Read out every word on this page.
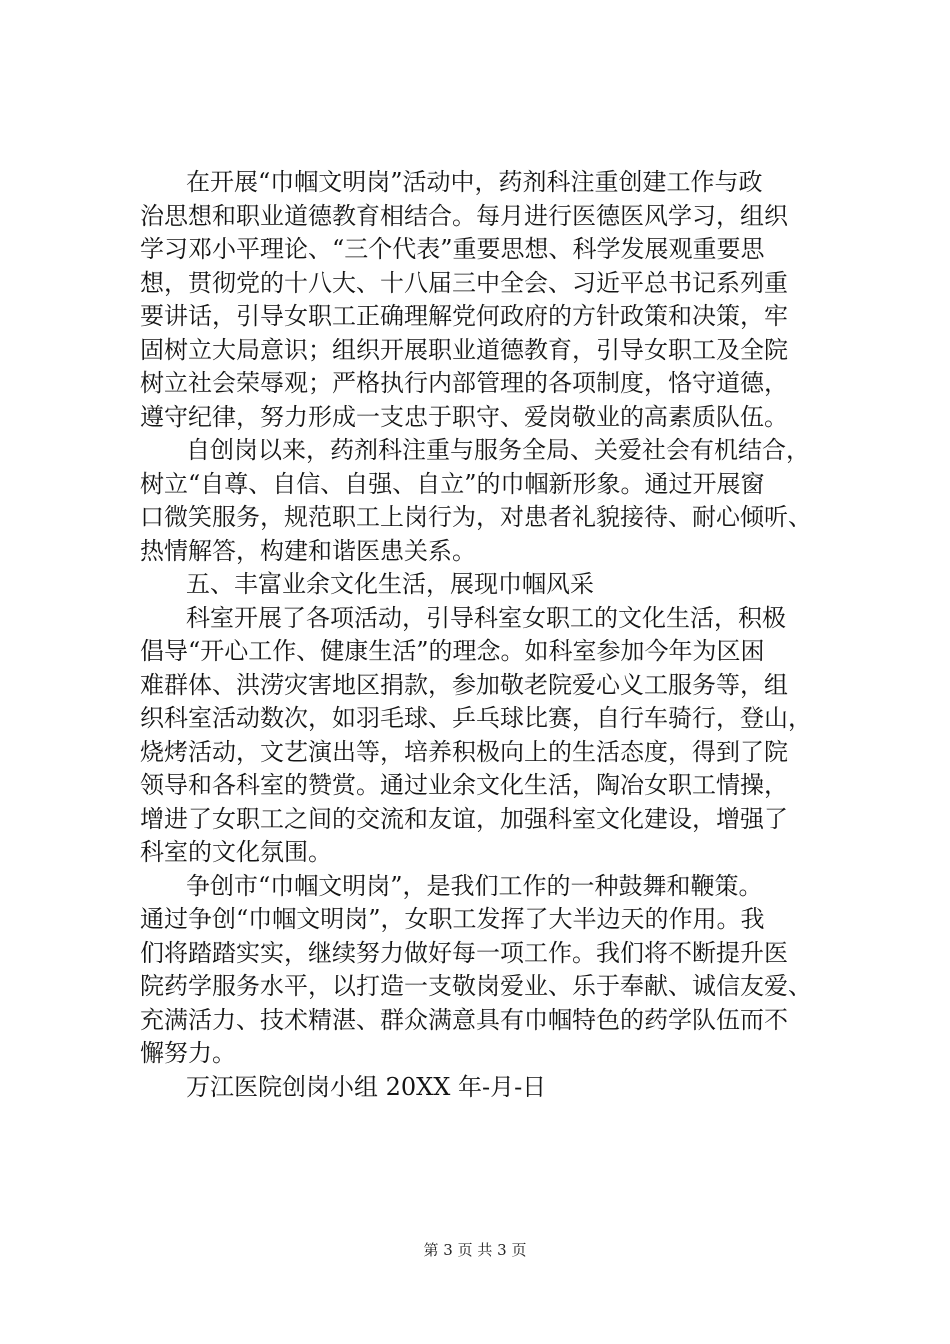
在开展“巾帼文明岗”活动中，药剂科注重创建工作与政
治思想和职业道德教育相结合。每月进行医德医风学习，组织
学习邓小平理论、“三个代表”重要思想、科学发展观重要思
想，贯彻党的十八大、十八届三中全会、习近平总书记系列重
要讲话，引导女职工正确理解党何政府的方针政策和决策，牢
固树立大局意识；组织开展职业道德教育，引导女职工及全院
树立社会荣辱观；严格执行内部管理的各项制度，恪守道德，
遵守纪律，努力形成一支忠于职守、爱岗敬业的高素质队伍。
自创岗以来，药剂科注重与服务全局、关爱社会有机结合，
树立“自尊、自信、自强、自立”的巾帼新形象。通过开展窗
口微笑服务，规范职工上岗行为，对患者礼貌接待、耐心倾听、
热情解答，构建和谐医患关系。
五、丰富业余文化生活，展现巾帼风采
科室开展了各项活动，引导科室女职工的文化生活，积极
倡导“开心工作、健康生活”的理念。如科室参加今年为区困
难群体、洪涝灾害地区捐款，参加敬老院爱心义工服务等，组
织科室活动数次，如羽毛球、乒乓球比赛，自行车骑行，登山，
烧烤活动，文艺演出等，培养积极向上的生活态度，得到了院
领导和各科室的赞赏。通过业余文化生活，陶冶女职工情操，
增进了女职工之间的交流和友谊，加强科室文化建设，增强了
科室的文化氛围。
争创市“巾帼文明岗”，是我们工作的一种鼓舞和鞭策。
通过争创“巾帼文明岗”，女职工发挥了大半边天的作用。我
们将踏踏实实，继续努力做好每一项工作。我们将不断提升医
院药学服务水平，以打造一支敬岗爱业、乐于奉献、诚信友爱、
充满活力、技术精湛、群众满意具有巾帼特色的药学队伍而不
懈努力。
万江医院创岗小组 20XX 年-月-日
第 3 页 共 3 页
